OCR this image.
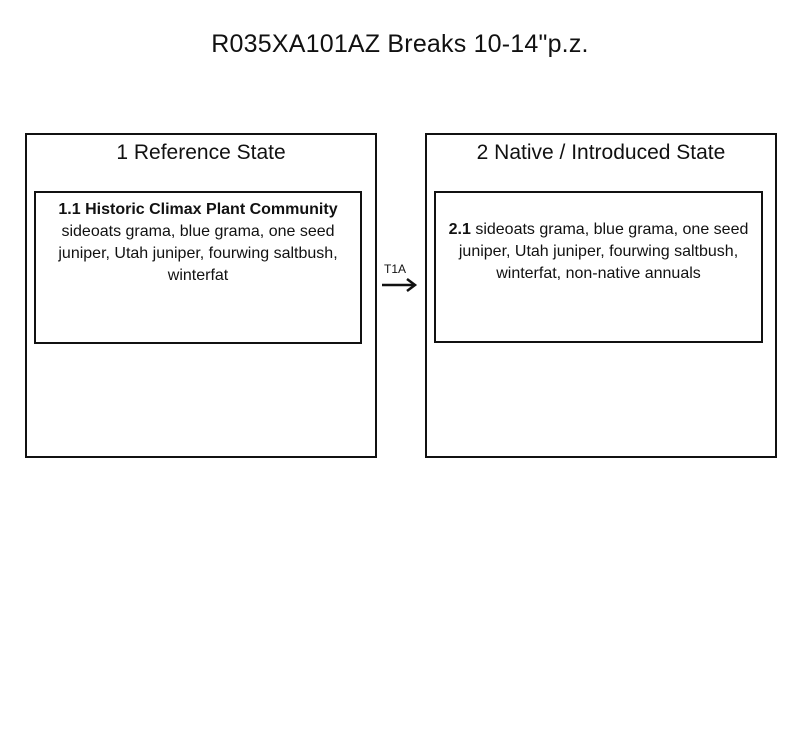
R035XA101AZ Breaks 10-14"p.z.
1 Reference State
1.1 Historic Climax Plant Community
sideoats grama, blue grama, one seed juniper, Utah juniper, fourwing saltbush, winterfat	T1A
2 Native / Introduced State
2.1 sideoats grama, blue grama, one seed juniper, Utah juniper, fourwing saltbush, winterfat, non-native annuals
